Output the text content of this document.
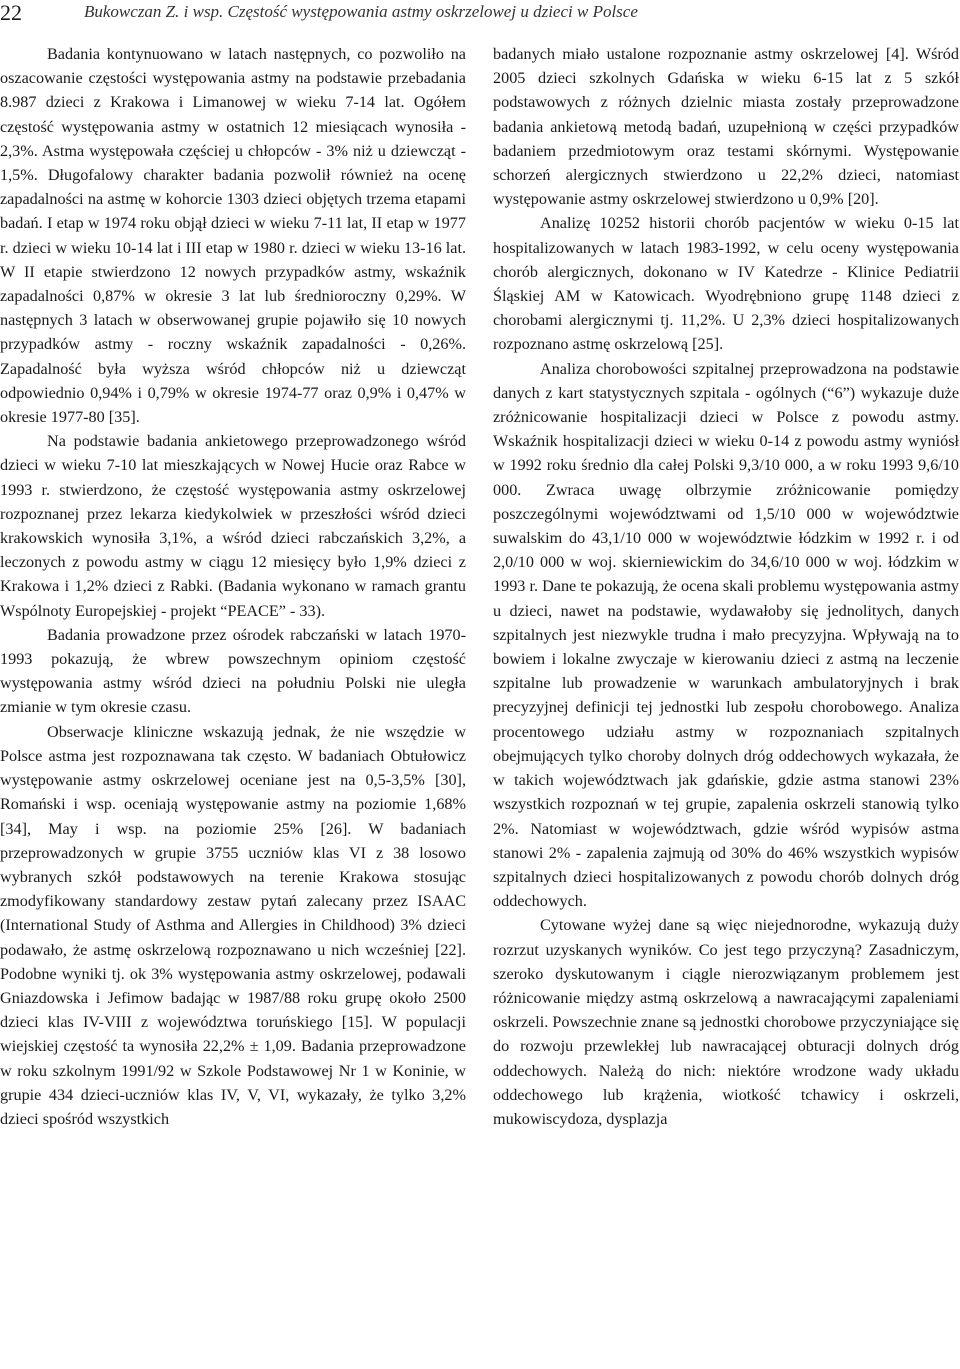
22	Bukowczan Z. i wsp. Częstość występowania astmy oskrzelowej u dzieci w Polsce

Badania kontynuowano w latach następnych, co pozwoliło na oszacowanie częstości występowania astmy na podstawie przebadania 8.987 dzieci z Krakowa i Limanowej w wieku 7-14 lat. Ogółem częstość występowania astmy w ostatnich 12 miesiącach wynosiła - 2,3%. Astma występowała częściej u chłopców - 3% niż u dziewcząt - 1,5%. Długofalowy charakter badania pozwolił również na ocenę zapadalności na astmę w kohorcie 1303 dzieci objętych trzema etapami badań. I etap w 1974 roku objął dzieci w wieku 7-11 lat, II etap w 1977 r. dzieci w wieku 10-14 lat i III etap w 1980 r. dzieci w wieku 13-16 lat. W II etapie stwierdzono 12 nowych przypadków astmy, wskaźnik zapadalności 0,87% w okresie 3 lat lub średnioroczny 0,29%. W następnych 3 latach w obserwowanej grupie pojawiło się 10 nowych przypadków astmy - roczny wskaźnik zapadalności - 0,26%. Zapadalność była wyższa wśród chłopców niż u dziewcząt odpowiednio 0,94% i 0,79% w okresie 1974-77 oraz 0,9% i 0,47% w okresie 1977-80 [35].

Na podstawie badania ankietowego przeprowadzonego wśród dzieci w wieku 7-10 lat mieszkających w Nowej Hucie oraz Rabce w 1993 r. stwierdzono, że częstość występowania astmy oskrzelowej rozpoznanej przez lekarza kiedykolwiek w przeszłości wśród dzieci krakowskich wynosiła 3,1%, a wśród dzieci rabczańskich 3,2%, a leczonych z powodu astmy w ciągu 12 miesięcy było 1,9% dzieci z Krakowa i 1,2% dzieci z Rabki. (Badania wykonano w ramach grantu Wspólnoty Europejskiej - projekt “PEACE” - 33).

Badania prowadzone przez ośrodek rabczański w latach 1970-1993 pokazują, że wbrew powszechnym opiniom częstość występowania astmy wśród dzieci na południu Polski nie uległa zmianie w tym okresie czasu.

Obserwacje kliniczne wskazują jednak, że nie wszędzie w Polsce astma jest rozpoznawana tak często. W badaniach Obtułowicz występowanie astmy oskrzelowej oceniane jest na 0,5-3,5% [30], Romański i wsp. oceniają występowanie astmy na poziomie 1,68% [34], May i wsp. na poziomie 25% [26]. W badaniach przeprowadzonych w grupie 3755 uczniów klas VI z 38 losowo wybranych szkół podstawowych na terenie Krakowa stosując zmodyfikowany standardowy zestaw pytań zalecany przez ISAAC (International Study of Asthma and Allergies in Childhood) 3% dzieci podawało, że astmę oskrzelową rozpoznawano u nich wcześniej [22]. Podobne wyniki tj. ok 3% występowania astmy oskrzelowej, podawali Gniazdowska i Jefimow badając w 1987/88 roku grupę około 2500 dzieci klas IV-VIII z województwa toruńskiego [15]. W populacji wiejskiej częstość ta wynosiła 22,2% ± 1,09. Badania przeprowadzone w roku szkolnym 1991/92 w Szkole Podstawowej Nr 1 w Koninie, w grupie 434 dzieci-uczniów klas IV, V, VI, wykazały, że tylko 3,2% dzieci spośród wszystkich

badanych miało ustalone rozpoznanie astmy oskrzelowej [4]. Wśród 2005 dzieci szkolnych Gdańska w wieku 6-15 lat z 5 szkół podstawowych z różnych dzielnic miasta zostały przeprowadzone badania ankietową metodą badań, uzupełnioną w części przypadków badaniem przedmiotowym oraz testami skórnymi. Występowanie schorzeń alergicznych stwierdzono u 22,2% dzieci, natomiast występowanie astmy oskrzelowej stwierdzono u 0,9% [20].

Analizę 10252 historii chorób pacjentów w wieku 0-15 lat hospitalizowanych w latach 1983-1992, w celu oceny występowania chorób alergicznych, dokonano w IV Katedrze - Klinice Pediatrii Śląskiej AM w Katowicach. Wyodrębniono grupę 1148 dzieci z chorobami alergicznymi tj. 11,2%. U 2,3% dzieci hospitalizowanych rozpoznano astmę oskrzelową [25].

Analiza chorobowości szpitalnej przeprowadzona na podstawie danych z kart statystycznych szpitala - ogólnych (“6”) wykazuje duże zróżnicowanie hospitalizacji dzieci w Polsce z powodu astmy. Wskaźnik hospitalizacji dzieci w wieku 0-14 z powodu astmy wyniósł w 1992 roku średnio dla całej Polski 9,3/10 000, a w roku 1993 9,6/10 000. Zwraca uwagę olbrzymie zróżnicowanie pomiędzy poszczególnymi województwami od 1,5/10 000 w województwie suwalskim do 43,1/10 000 w województwie łódzkim w 1992 r. i od 2,0/10 000 w woj. skierniewickim do 34,6/10 000 w woj. łódzkim w 1993 r. Dane te pokazują, że ocena skali problemu występowania astmy u dzieci, nawet na podstawie, wydawałoby się jednolitych, danych szpitalnych jest niezwykle trudna i mało precyzyjna. Wpływają na to bowiem i lokalne zwyczaje w kierowaniu dzieci z astmą na leczenie szpitalne lub prowadzenie w warunkach ambulatoryjnych i brak precyzyjnej definicji tej jednostki lub zespołu chorobowego. Analiza procentowego udziału astmy w rozpoznaniach szpitalnych obejmujących tylko choroby dolnych dróg oddechowych wykazała, że w takich województwach jak gdańskie, gdzie astma stanowi 23% wszystkich rozpoznań w tej grupie, zapalenia oskrzeli stanowią tylko 2%. Natomiast w województwach, gdzie wśród wypisów astma stanowi 2% - zapalenia zajmują od 30% do 46% wszystkich wypisów szpitalnych dzieci hospitalizowanych z powodu chorób dolnych dróg oddechowych.

Cytowane wyżej dane są więc niejednorodne, wykazują duży rozrzut uzyskanych wyników. Co jest tego przyczyną? Zasadniczym, szeroko dyskutowanym i ciągle nierozwiązanym problemem jest różnicowanie między astmą oskrzelową a nawracającymi zapaleniami oskrzeli. Powszechnie znane są jednostki chorobowe przyczyniające się do rozwoju przewlekłej lub nawracającej obturacji dolnych dróg oddechowych. Należą do nich: niektóre wrodzone wady układu oddechowego lub krążenia, wiotkość tchawicy i oskrzeli, mukowiscydoza, dysplazja
